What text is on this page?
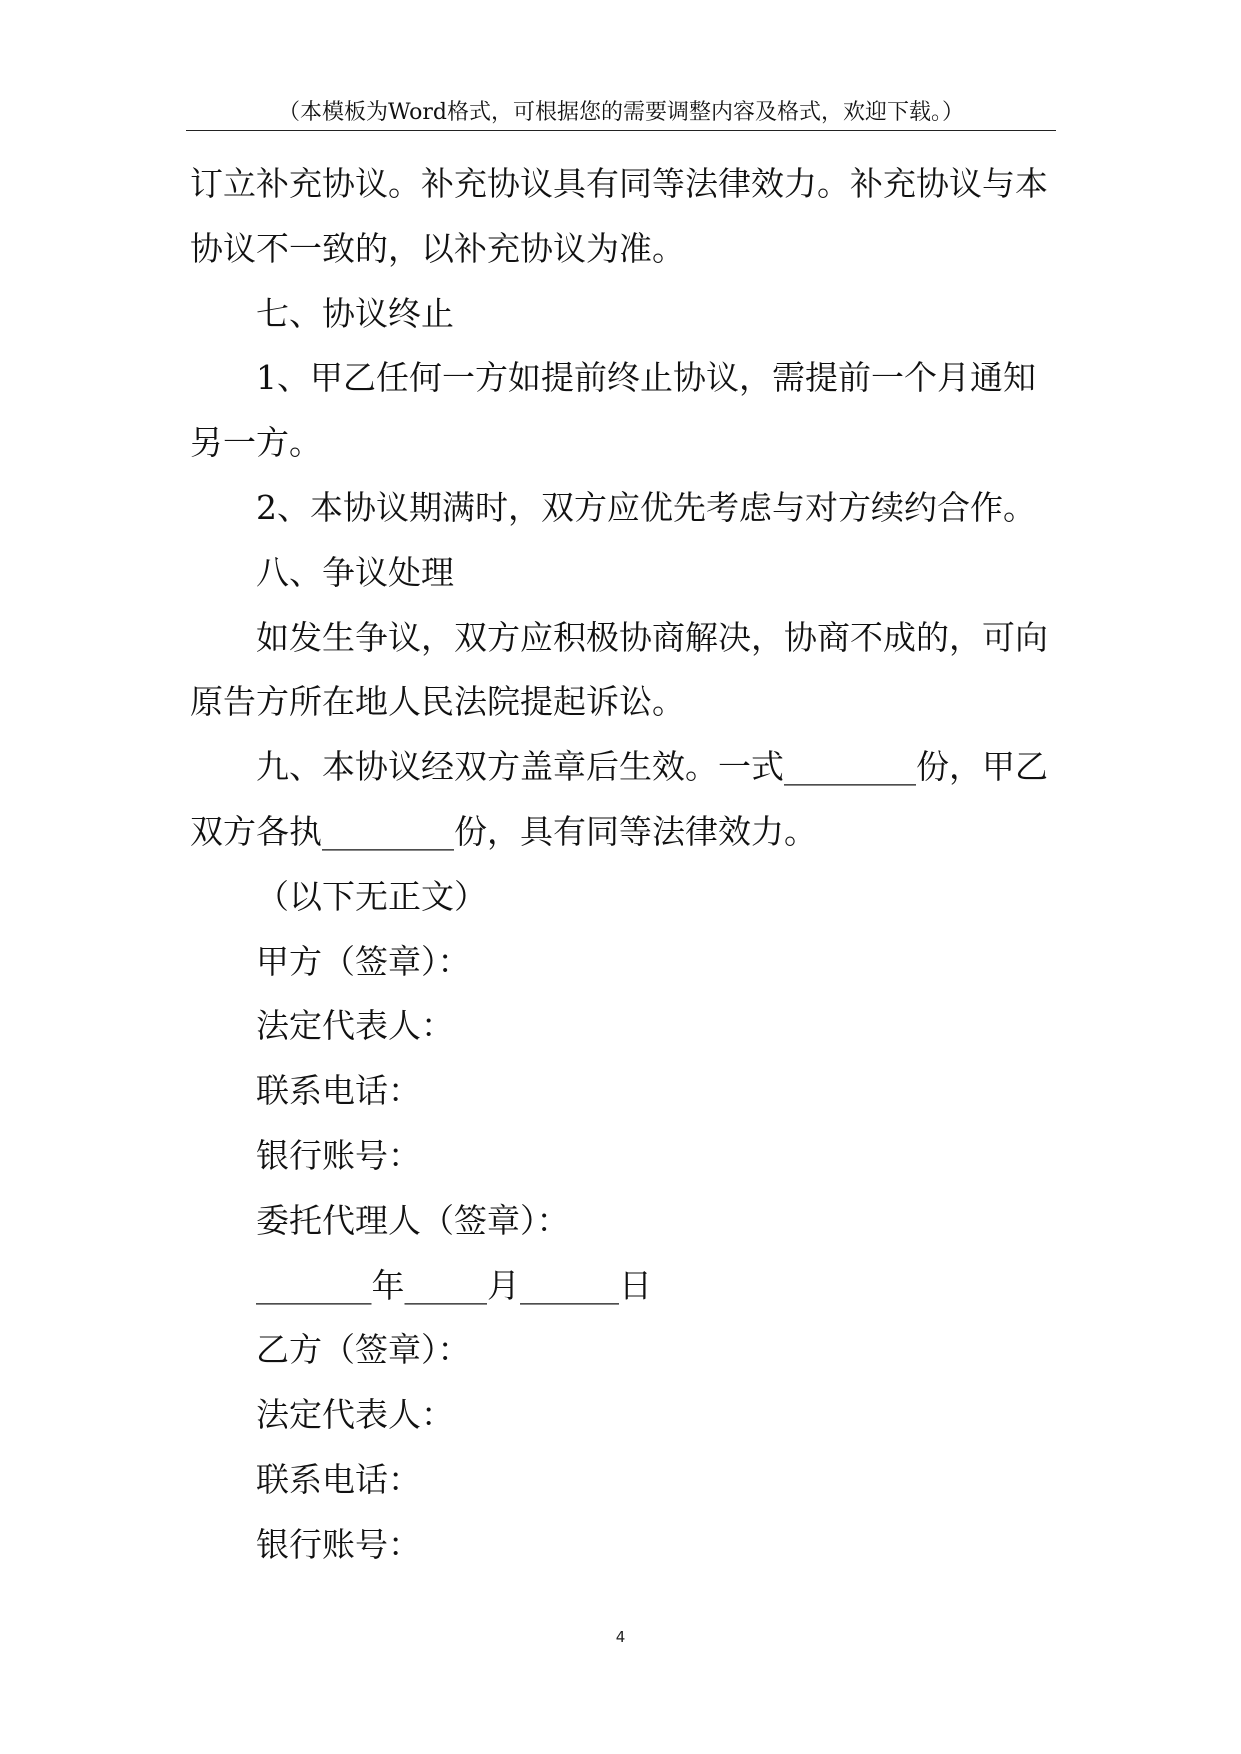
（本模板为Word格式，可根据您的需要调整内容及格式，欢迎下载。）

订立补充协议。补充协议具有同等法律效力。补充协议与本
协议不一致的，以补充协议为准。

七、协议终止

1、甲乙任何一方如提前终止协议，需提前一个月通知
另一方。

2、本协议期满时，双方应优先考虑与对方续约合作。

八、争议处理

如发生争议，双方应积极协商解决，协商不成的，可向
原告方所在地人民法院提起诉讼。

九、本协议经双方盖章后生效。一式________份，甲乙
双方各执________份，具有同等法律效力。

（以下无正文）

甲方（签章）：

法定代表人：

联系电话：

银行账号：

委托代理人（签章）：

_______年_____月______日

乙方（签章）：

法定代表人：

联系电话：

银行账号：

4
